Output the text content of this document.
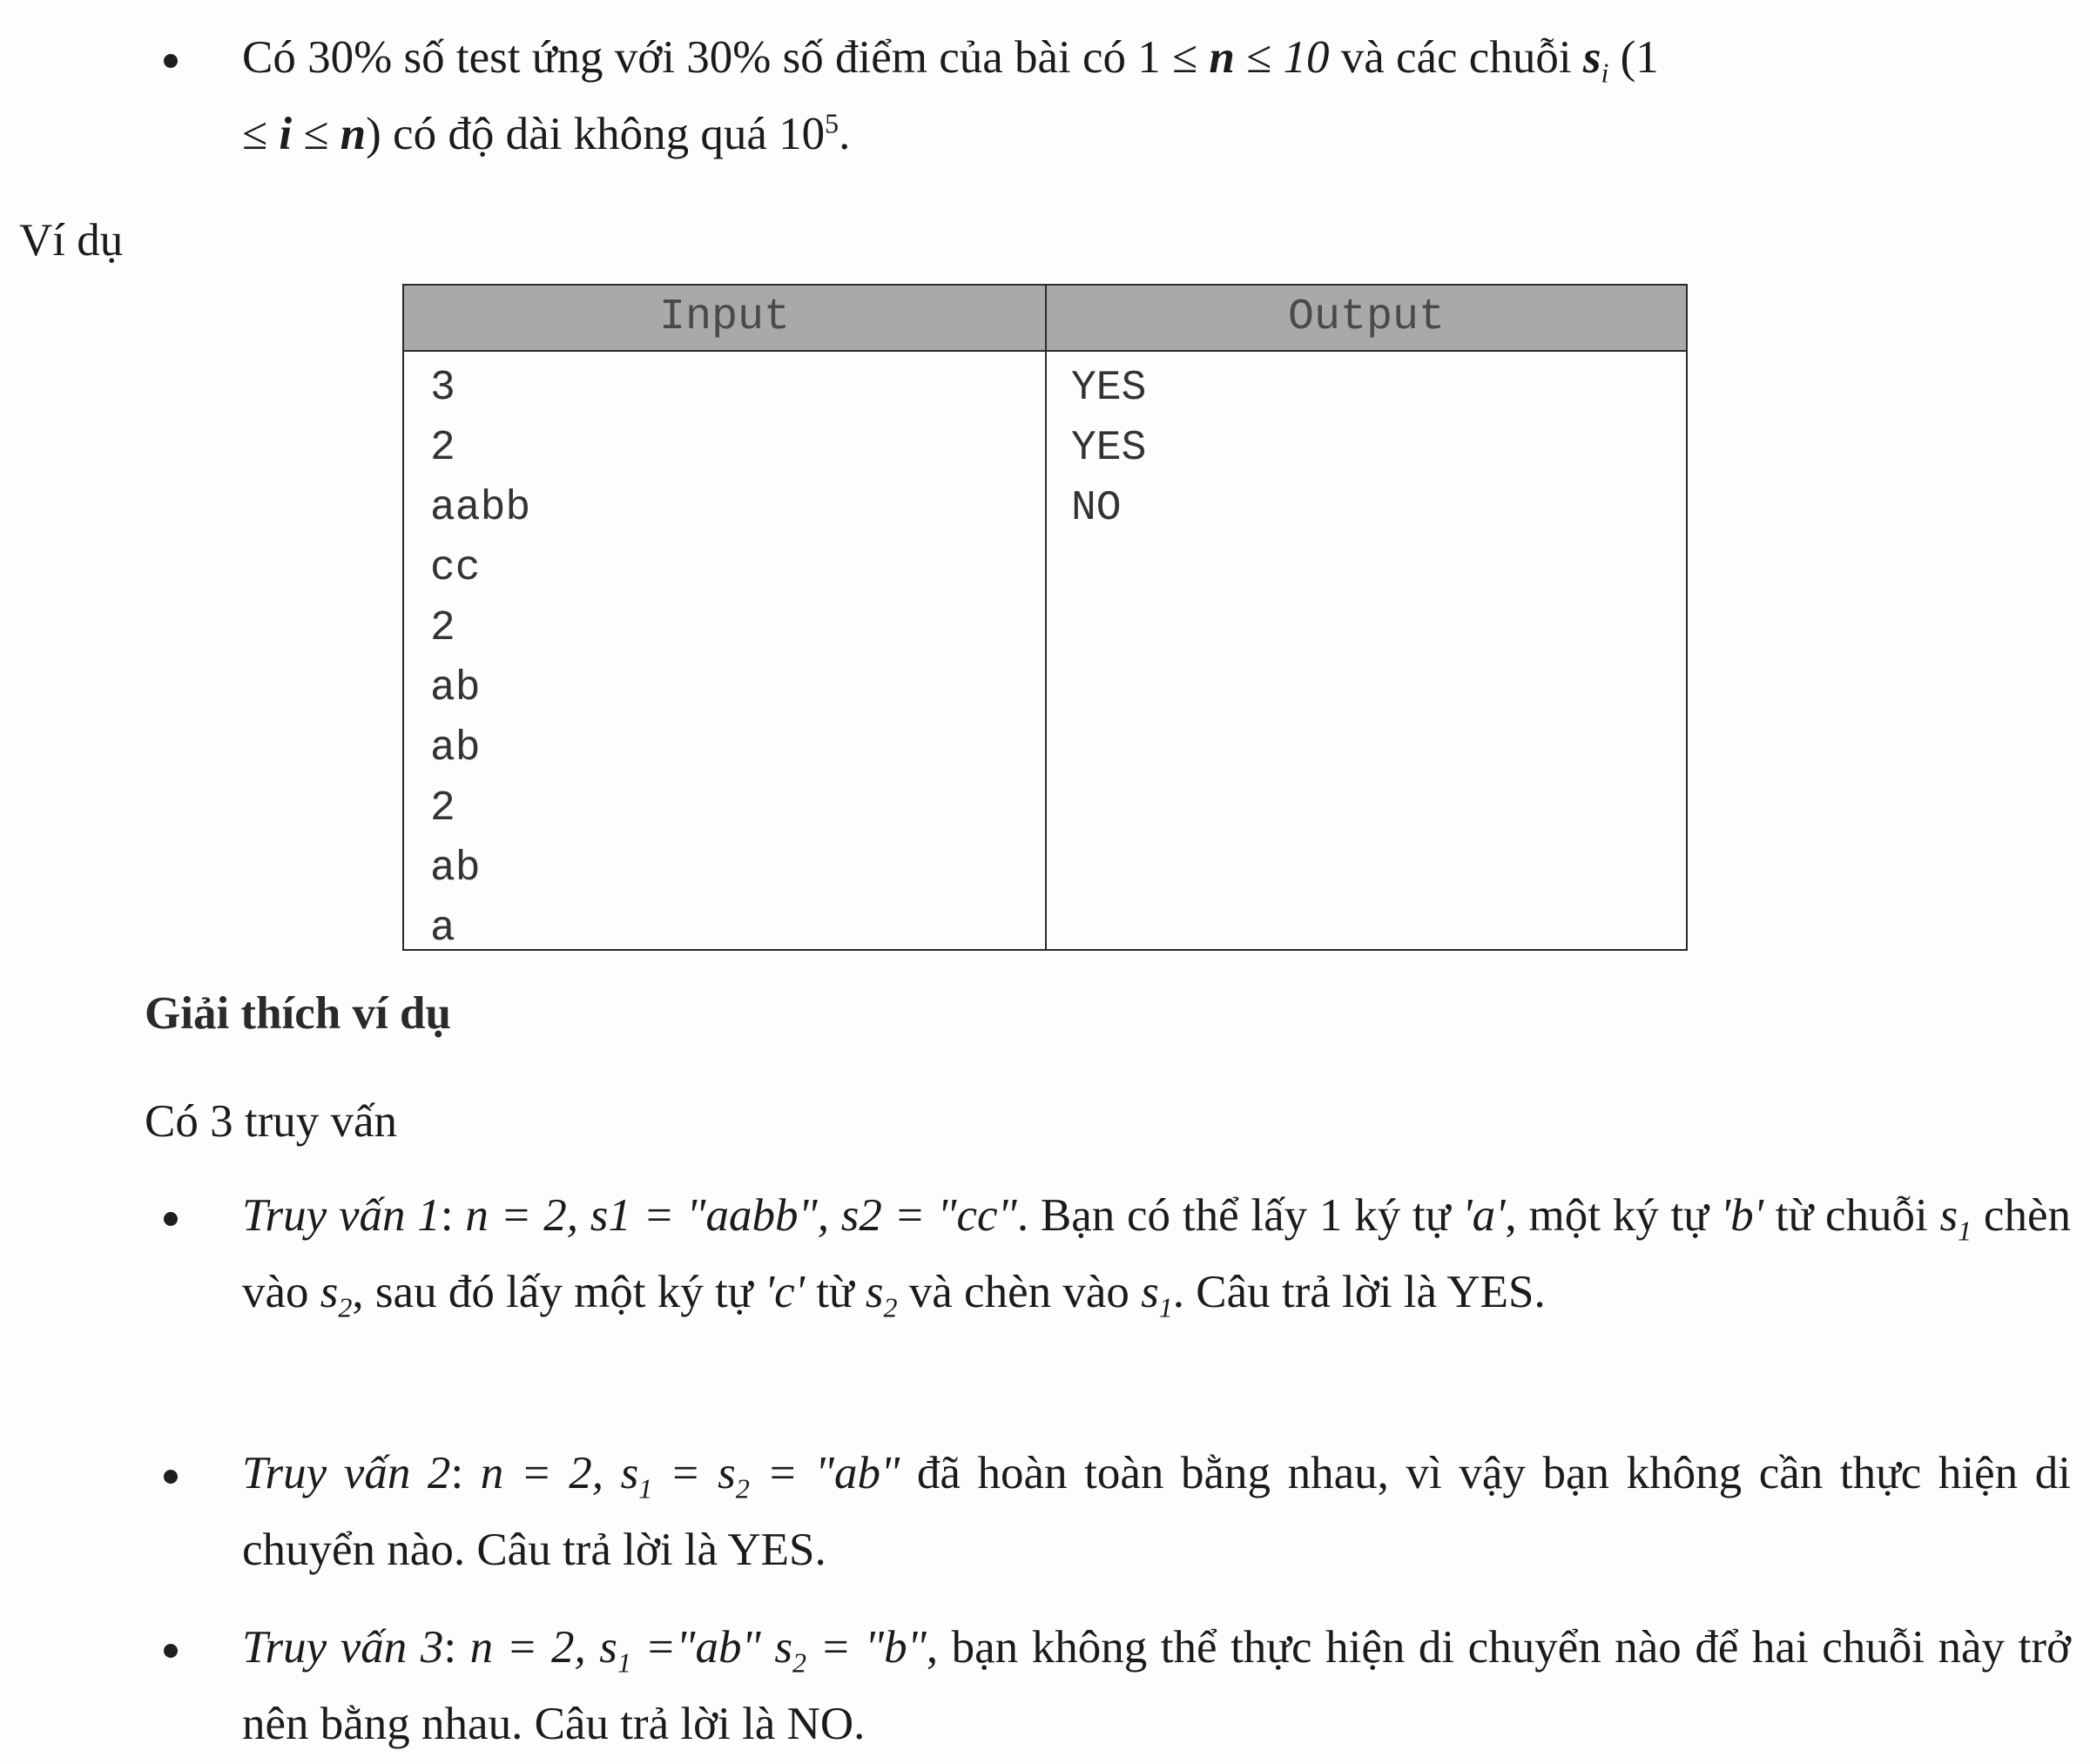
Có 30% số test ứng với 30% số điểm của bài có 1 ≤ n ≤ 10 và các chuỗi $s_i$ (1
≤ i ≤ n) có độ dài không quá $10^5$.

Ví dụ

Input	Output
3
2
aabb
cc
2
ab
ab
2
ab
a
YES
YES
NO

Giải thích ví dụ

Có 3 truy vấn

Truy vấn 1: n = 2, s1 = "aabb", s2 = "cc". Bạn có thể lấy 1 ký tự 'a', một ký tự 'b' từ chuỗi $s_1$ chèn vào $s_2$, sau đó lấy một ký tự 'c' từ $s_2$ và chèn vào $s_1$. Câu trả lời là YES.

Truy vấn 2: n = 2, $s_1 = s_2$ = "ab" đã hoàn toàn bằng nhau, vì vậy bạn không cần thực hiện di chuyển nào. Câu trả lời là YES.

Truy vấn 3: n = 2, $s_1$ ="ab" $s_2$ = "b", bạn không thể thực hiện di chuyển nào để hai chuỗi này trở nên bằng nhau. Câu trả lời là NO.
